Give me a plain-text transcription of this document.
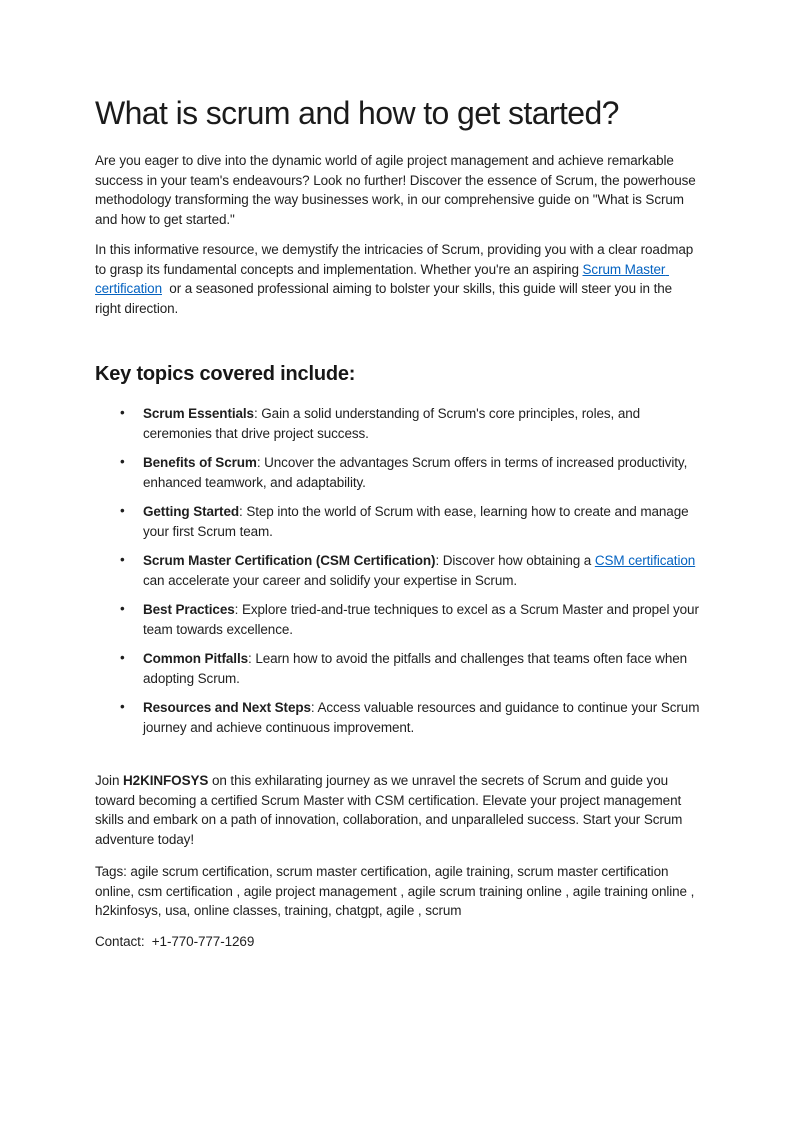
What is scrum and how to get started?

Are you eager to dive into the dynamic world of agile project management and achieve remarkable success in your team's endeavours? Look no further! Discover the essence of Scrum, the powerhouse methodology transforming the way businesses work, in our comprehensive guide on "What is Scrum and how to get started."

In this informative resource, we demystify the intricacies of Scrum, providing you with a clear roadmap to grasp its fundamental concepts and implementation. Whether you're an aspiring Scrum Master certification  or a seasoned professional aiming to bolster your skills, this guide will steer you in the right direction.

Key topics covered include:
• Scrum Essentials: Gain a solid understanding of Scrum's core principles, roles, and ceremonies that drive project success.
• Benefits of Scrum: Uncover the advantages Scrum offers in terms of increased productivity, enhanced teamwork, and adaptability.
• Getting Started: Step into the world of Scrum with ease, learning how to create and manage your first Scrum team.
• Scrum Master Certification (CSM Certification): Discover how obtaining a CSM certification can accelerate your career and solidify your expertise in Scrum.
• Best Practices: Explore tried-and-true techniques to excel as a Scrum Master and propel your team towards excellence.
• Common Pitfalls: Learn how to avoid the pitfalls and challenges that teams often face when adopting Scrum.
• Resources and Next Steps: Access valuable resources and guidance to continue your Scrum journey and achieve continuous improvement.

Join H2KINFOSYS on this exhilarating journey as we unravel the secrets of Scrum and guide you toward becoming a certified Scrum Master with CSM certification. Elevate your project management skills and embark on a path of innovation, collaboration, and unparalleled success. Start your Scrum adventure today!

Tags: agile scrum certification, scrum master certification, agile training, scrum master certification online, csm certification , agile project management , agile scrum training online , agile training online , h2kinfosys, usa, online classes, training, chatgpt, agile , scrum

Contact:  +1-770-777-1269
